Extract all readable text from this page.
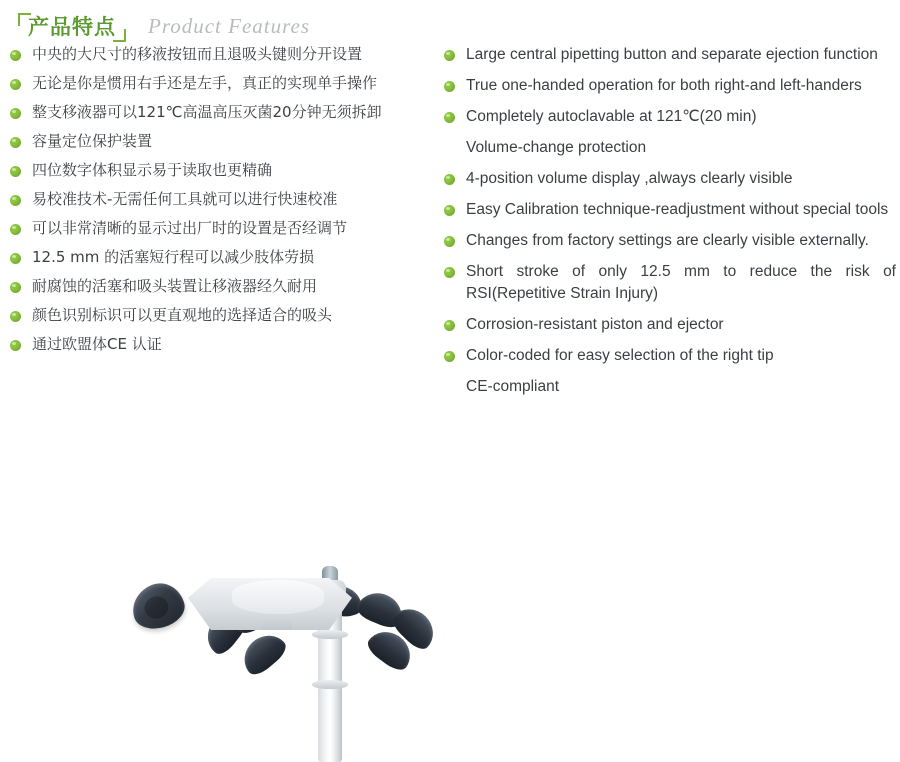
产品特点 Product Features
中央的大尺寸的移液按钮而且退吸头键则分开设置
无论是你是惯用右手还是左手，真正的实现单手操作
整支移液器可以121℃高温高压灭菌20分钟无须拆卸
容量定位保护装置
四位数字体积显示易于读取也更精确
易校准技术-无需任何工具就可以进行快速校准
可以非常清晰的显示过出厂时的设置是否经调节
12.5 mm 的活塞短行程可以减少肢体劳损
耐腐蚀的活塞和吸头装置让移液器经久耐用
颜色识别标识可以更直观地的选择适合的吸头
通过欧盟体CE 认证
Large central pipetting button and separate ejection function
True one-handed operation for both right-and left-handers
Completely autoclavable at 121℃(20 min)
Volume-change protection
4-position volume display ,always clearly visible
Easy Calibration technique-readjustment without special tools
Changes from factory settings are clearly visible externally.
Short stroke of only 12.5 mm to reduce the risk of RSI(Repetitive Strain Injury)
Corrosion-resistant piston and ejector
Color-coded for easy selection of the right tip
CE-compliant
